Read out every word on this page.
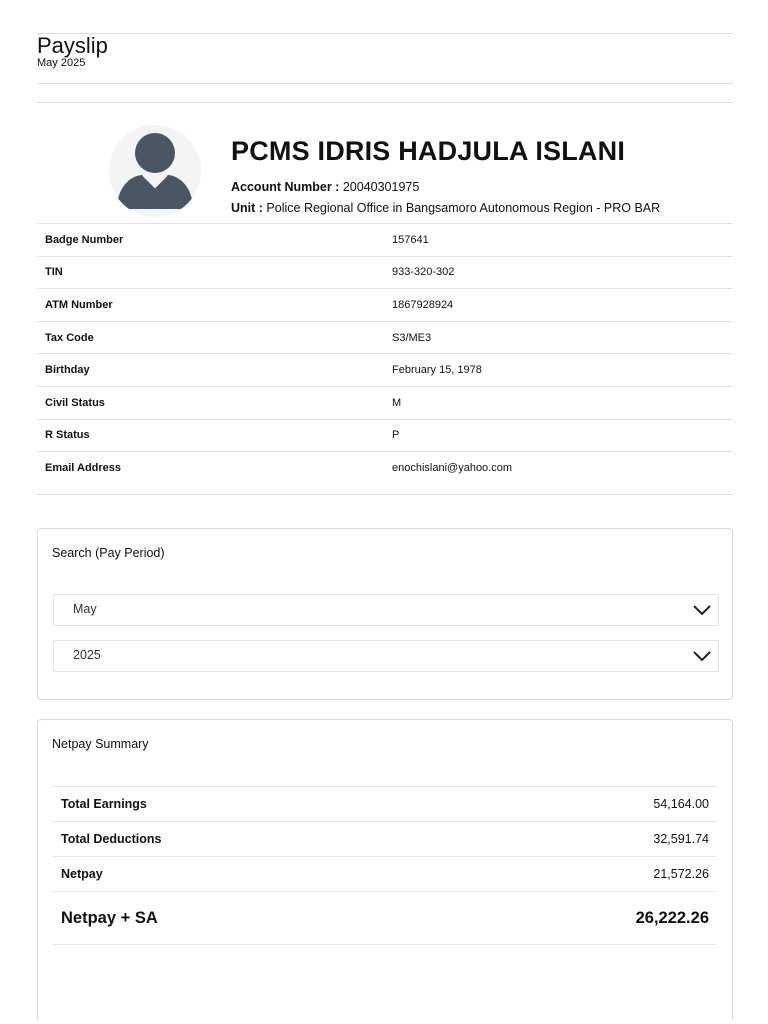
Payslip
May 2025
PCMS IDRIS HADJULA ISLANI
Account Number : 20040301975
Unit : Police Regional Office in Bangsamoro Autonomous Region - PRO BAR
Badge Number	157641
TIN	933-320-302
ATM Number	1867928924
Tax Code	S3/ME3
Birthday	February 15, 1978
Civil Status	M
R Status	P
Email Address	enochislani@yahoo.com
Search (Pay Period)
May
2025
Netpay Summary
Total Earnings	54,164.00
Total Deductions	32,591.74
Netpay	21,572.26
Netpay + SA	26,222.26
